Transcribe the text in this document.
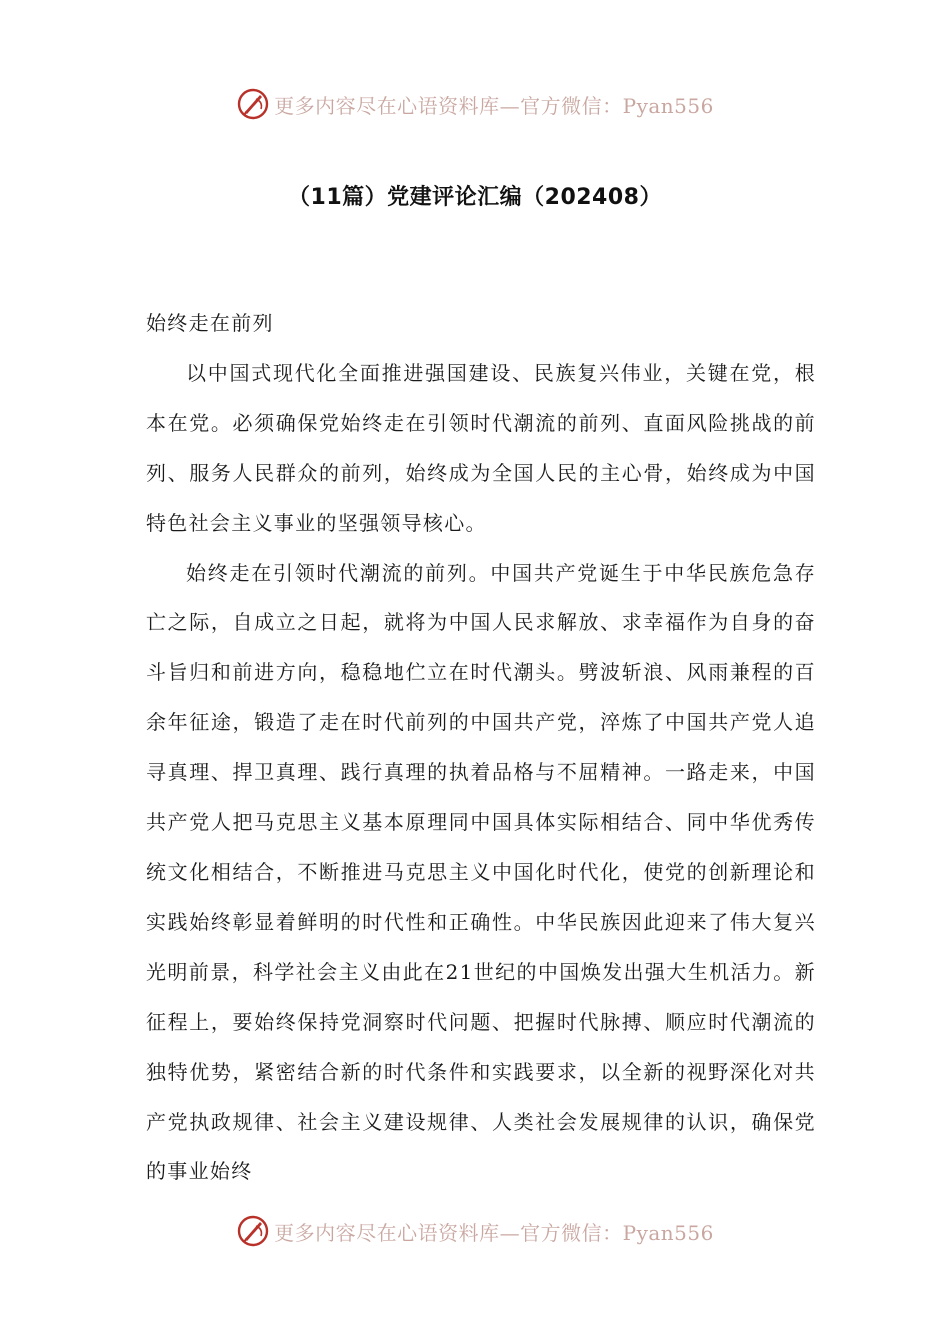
更多内容尽在心语资料库—官方微信：Pyan556
（11篇）党建评论汇编（202408）

始终走在前列

以中国式现代化全面推进强国建设、民族复兴伟业，关键在党，根本在党。必须确保党始终走在引领时代潮流的前列、直面风险挑战的前列、服务人民群众的前列，始终成为全国人民的主心骨，始终成为中国特色社会主义事业的坚强领导核心。

始终走在引领时代潮流的前列。中国共产党诞生于中华民族危急存亡之际，自成立之日起，就将为中国人民求解放、求幸福作为自身的奋斗旨归和前进方向，稳稳地伫立在时代潮头。劈波斩浪、风雨兼程的百余年征途，锻造了走在时代前列的中国共产党，淬炼了中国共产党人追寻真理、捍卫真理、践行真理的执着品格与不屈精神。一路走来，中国共产党人把马克思主义基本原理同中国具体实际相结合、同中华优秀传统文化相结合，不断推进马克思主义中国化时代化，使党的创新理论和实践始终彰显着鲜明的时代性和正确性。中华民族因此迎来了伟大复兴光明前景，科学社会主义由此在21世纪的中国焕发出强大生机活力。新征程上，要始终保持党洞察时代问题、把握时代脉搏、顺应时代潮流的独特优势，紧密结合新的时代条件和实践要求，以全新的视野深化对共产党执政规律、社会主义建设规律、人类社会发展规律的认识，确保党的事业始终

更多内容尽在心语资料库—官方微信：Pyan556
